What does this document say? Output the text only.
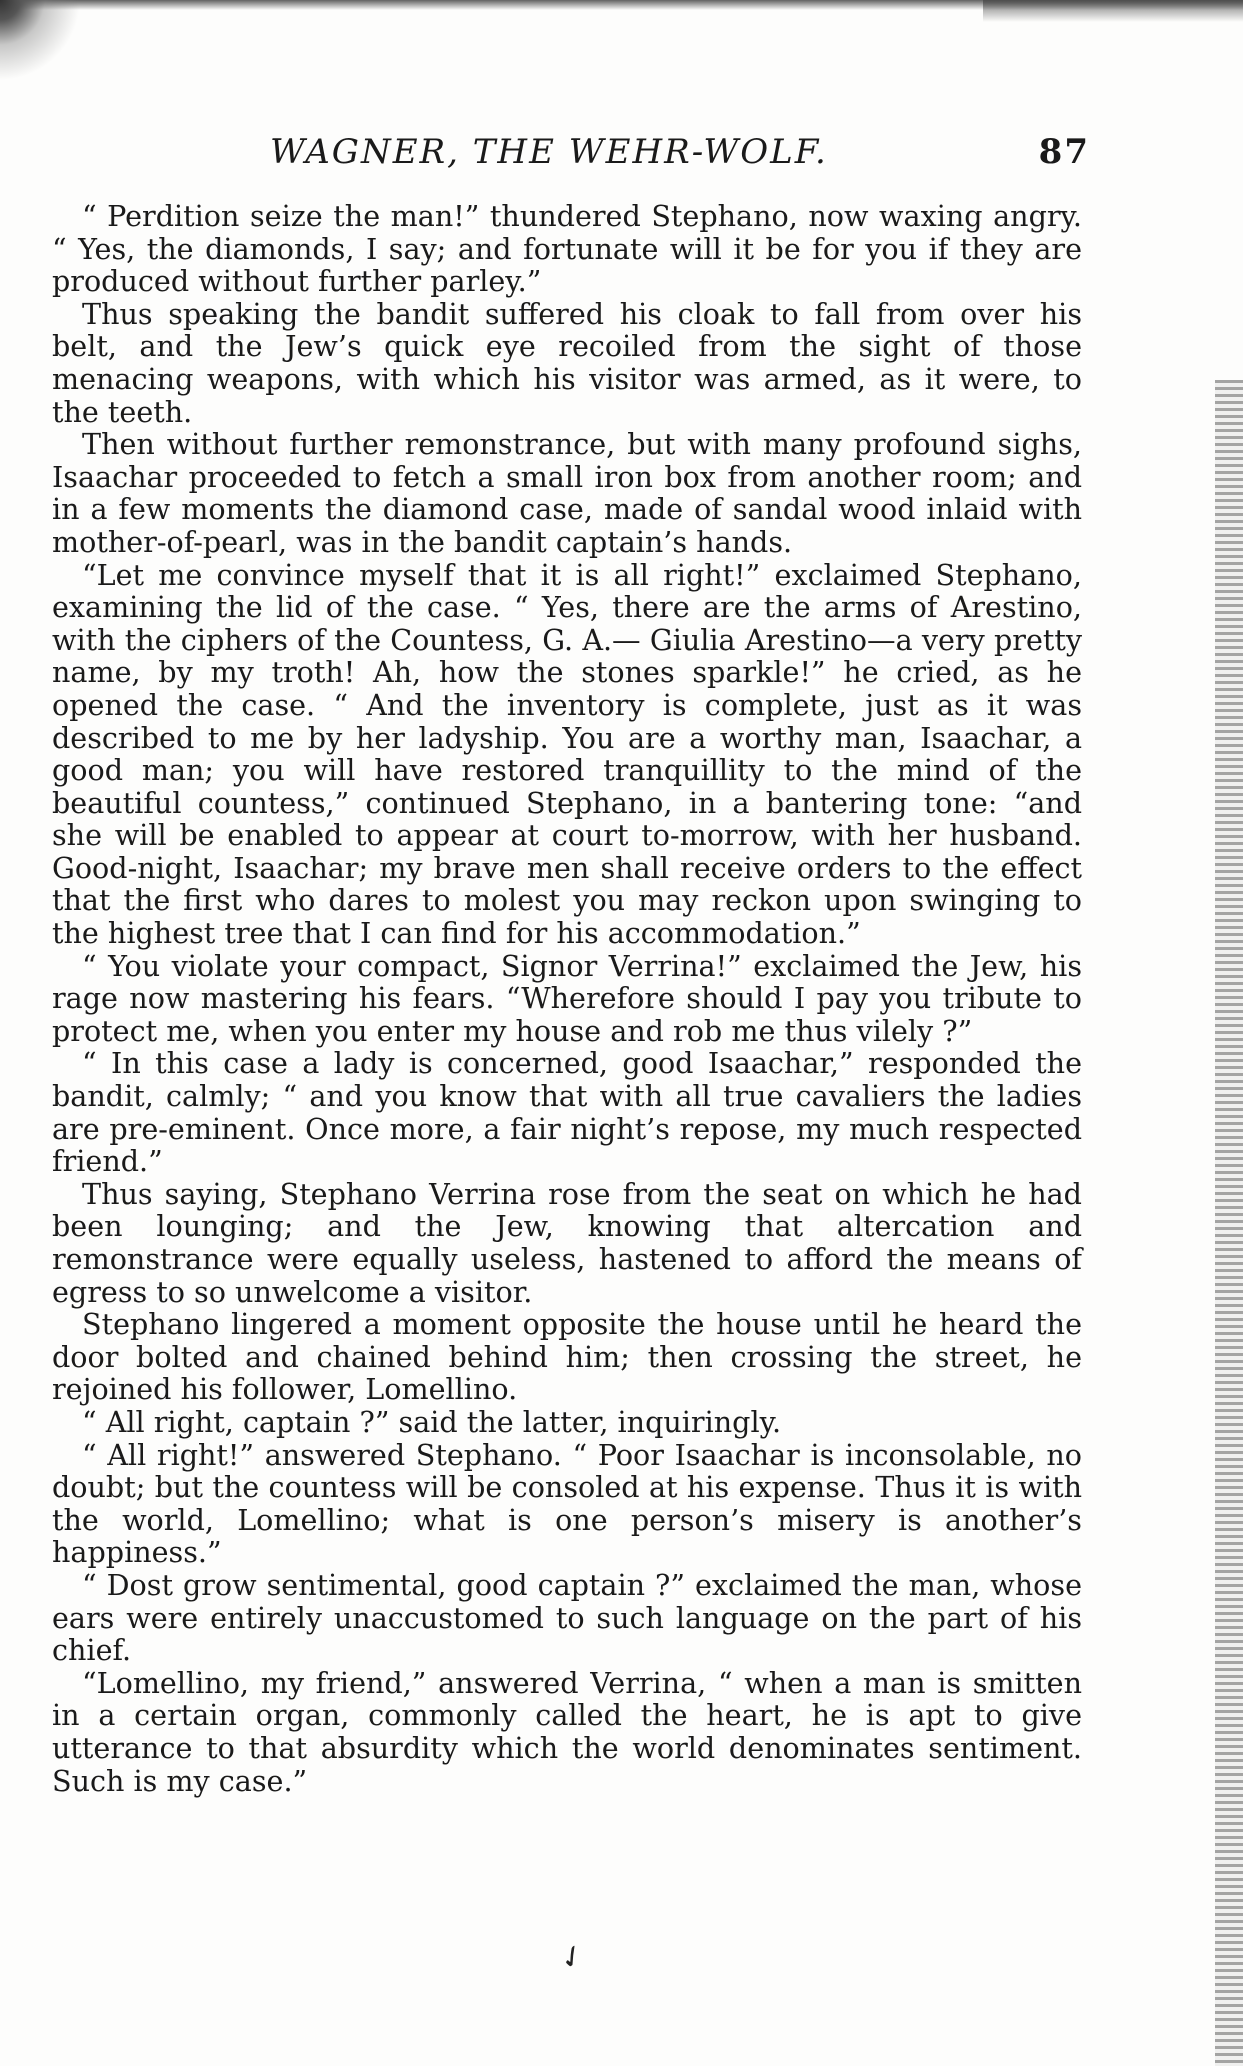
WAGNER, THE WEHR-WOLF.	87

“ Perdition seize the man!” thundered Stephano, now waxing angry. “ Yes, the diamonds, I say; and fortunate will it be for you if they are produced without further parley.”

Thus speaking the bandit suffered his cloak to fall from over his belt, and the Jew’s quick eye recoiled from the sight of those menacing weapons, with which his visitor was armed, as it were, to the teeth.

Then without further remonstrance, but with many profound sighs, Isaachar proceeded to fetch a small iron box from another room; and in a few moments the diamond case, made of sandal wood inlaid with mother-of-pearl, was in the bandit captain’s hands.

“Let me convince myself that it is all right!” exclaimed Stephano, examining the lid of the case. “ Yes, there are the arms of Arestino, with the ciphers of the Countess, G. A.— Giulia Arestino—a very pretty name, by my troth! Ah, how the stones sparkle!” he cried, as he opened the case. “ And the inventory is complete, just as it was described to me by her ladyship. You are a worthy man, Isaachar, a good man; you will have restored tranquillity to the mind of the beautiful countess,” continued Stephano, in a bantering tone: “and she will be enabled to appear at court to-morrow, with her husband. Good-night, Isaachar; my brave men shall receive orders to the effect that the first who dares to molest you may reckon upon swinging to the highest tree that I can find for his accommodation.”

“ You violate your compact, Signor Verrina!” exclaimed the Jew, his rage now mastering his fears. “Wherefore should I pay you tribute to protect me, when you enter my house and rob me thus vilely ?”

“ In this case a lady is concerned, good Isaachar,” responded the bandit, calmly; “ and you know that with all true cavaliers the ladies are pre-eminent. Once more, a fair night’s repose, my much respected friend.”

Thus saying, Stephano Verrina rose from the seat on which he had been lounging; and the Jew, knowing that altercation and remonstrance were equally useless, hastened to afford the means of egress to so unwelcome a visitor.

Stephano lingered a moment opposite the house until he heard the door bolted and chained behind him; then crossing the street, he rejoined his follower, Lomellino.

“ All right, captain ?” said the latter, inquiringly.

“ All right!” answered Stephano. “ Poor Isaachar is inconsolable, no doubt; but the countess will be consoled at his expense. Thus it is with the world, Lomellino; what is one person’s misery is another’s happiness.”

“ Dost grow sentimental, good captain ?” exclaimed the man, whose ears were entirely unaccustomed to such language on the part of his chief.

“Lomellino, my friend,” answered Verrina, “ when a man is smitten in a certain organ, commonly called the heart, he is apt to give utterance to that absurdity which the world denominates sentiment. Such is my case.”

✓
